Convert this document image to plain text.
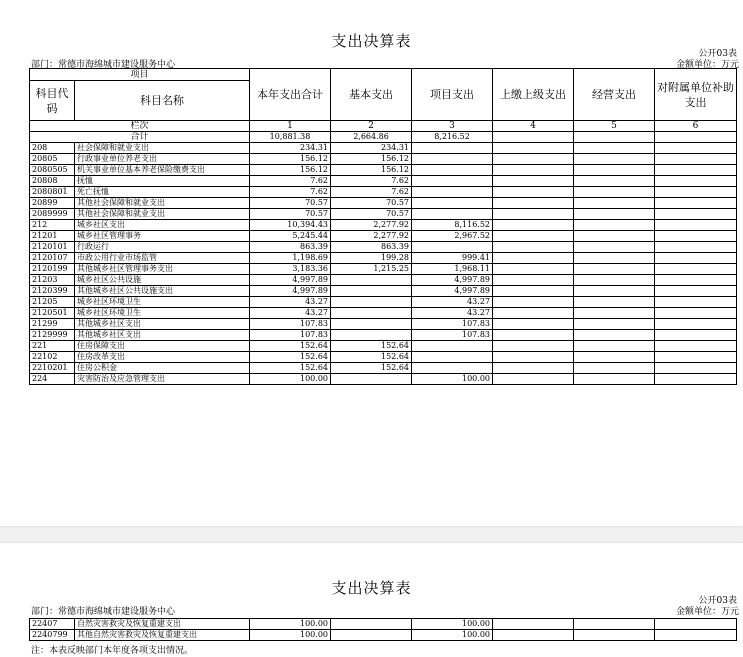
支出决算表
公开03表
部门：常德市海绵城市建设服务中心	金额单位：万元
项目		本年支出合计	基本支出	项目支出	上缴上级支出	经营支出	对附属单位补助支出
科目代码	科目名称						
栏次		1	2	3	4	5	6
合计		10,881.38	2,664.86	8,216.52			
208	社会保障和就业支出	234.31	234.31				
20805	行政事业单位养老支出	156.12	156.12				
2080505	机关事业单位基本养老保险缴费支出	156.12	156.12				
20808	抚恤	7.62	7.62				
2080801	死亡抚恤	7.62	7.62				
20899	其他社会保障和就业支出	70.57	70.57				
2089999	其他社会保障和就业支出	70.57	70.57				
212	城乡社区支出	10,394.43	2,277.92	8,116.52			
21201	城乡社区管理事务	5,245.44	2,277.92	2,967.52			
2120101	行政运行	863.39	863.39				
2120107	市政公用行业市场监管	1,198.69	199.28	999.41			
2120199	其他城乡社区管理事务支出	3,183.36	1,215.25	1,968.11			
21203	城乡社区公共设施	4,997.89		4,997.89			
2120399	其他城乡社区公共设施支出	4,997.89		4,997.89			
21205	城乡社区环境卫生	43.27		43.27			
2120501	城乡社区环境卫生	43.27		43.27			
21299	其他城乡社区支出	107.83		107.83			
2129999	其他城乡社区支出	107.83		107.83			
221	住房保障支出	152.64	152.64				
22102	住房改革支出	152.64	152.64				
2210201	住房公积金	152.64	152.64				
224	灾害防治及应急管理支出	100.00		100.00			
支出决算表
公开03表
部门：常德市海绵城市建设服务中心	金额单位：万元
注：本表反映部门本年度各项支出情况。
22407	自然灾害救灾及恢复重建支出	100.00		100.00			
2240799	其他自然灾害救灾及恢复重建支出	100.00		100.00			
